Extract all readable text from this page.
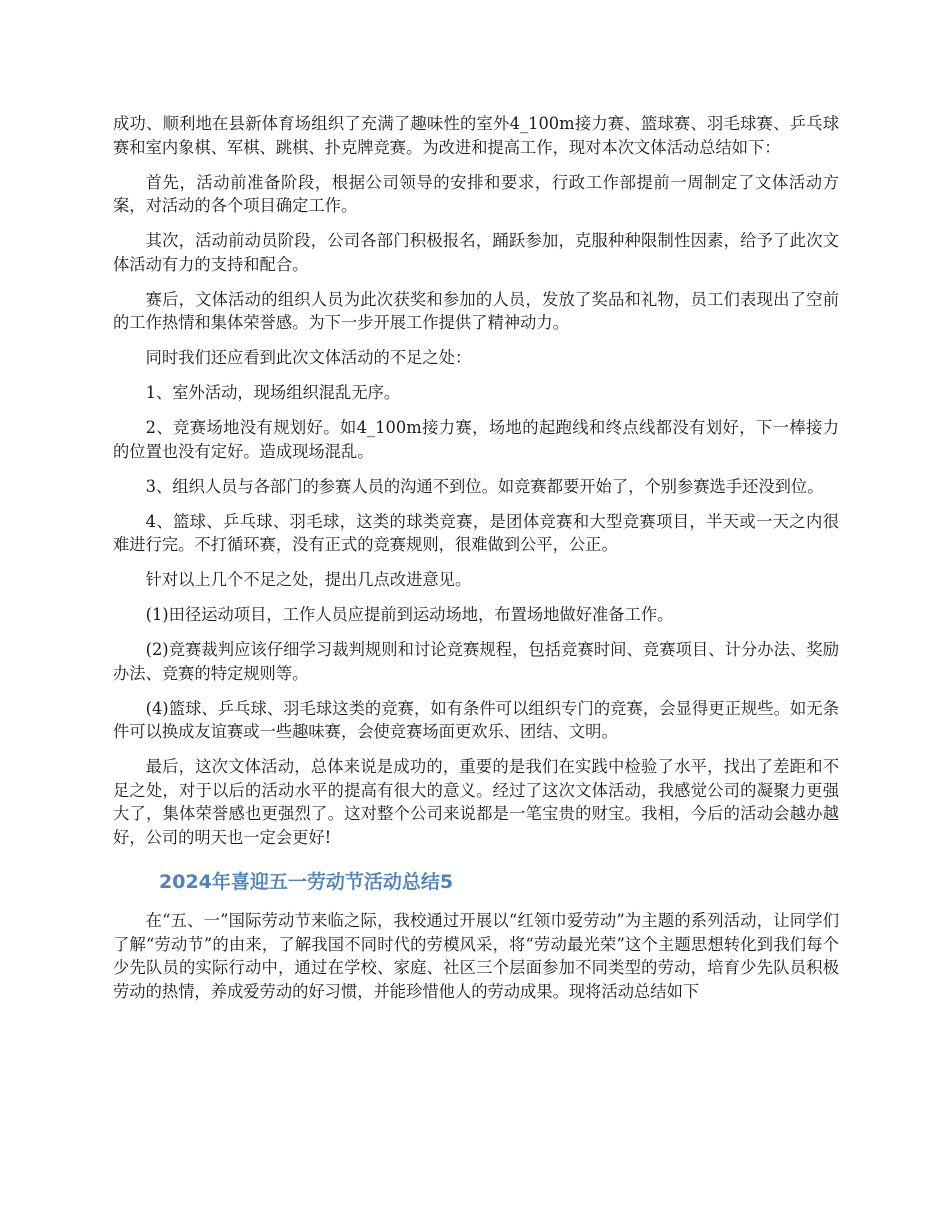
成功、顺利地在县新体育场组织了充满了趣味性的室外4_100m接力赛、篮球赛、羽毛球赛、乒乓球赛和室内象棋、军棋、跳棋、扑克牌竞赛。为改进和提高工作，现对本次文体活动总结如下：

首先，活动前准备阶段，根据公司领导的安排和要求，行政工作部提前一周制定了文体活动方案，对活动的各个项目确定工作。

其次，活动前动员阶段，公司各部门积极报名，踊跃参加，克服种种限制性因素，给予了此次文体活动有力的支持和配合。

赛后，文体活动的组织人员为此次获奖和参加的人员，发放了奖品和礼物，员工们表现出了空前的工作热情和集体荣誉感。为下一步开展工作提供了精神动力。

同时我们还应看到此次文体活动的不足之处：

1、室外活动，现场组织混乱无序。

2、竞赛场地没有规划好。如4_100m接力赛，场地的起跑线和终点线都没有划好，下一棒接力的位置也没有定好。造成现场混乱。

3、组织人员与各部门的参赛人员的沟通不到位。如竞赛都要开始了，个别参赛选手还没到位。

4、篮球、乒乓球、羽毛球，这类的球类竞赛，是团体竞赛和大型竞赛项目，半天或一天之内很难进行完。不打循环赛，没有正式的竞赛规则，很难做到公平，公正。

针对以上几个不足之处，提出几点改进意见。

(1)田径运动项目，工作人员应提前到运动场地，布置场地做好准备工作。

(2)竞赛裁判应该仔细学习裁判规则和讨论竞赛规程，包括竞赛时间、竞赛项目、计分办法、奖励办法、竞赛的特定规则等。

(4)篮球、乒乓球、羽毛球这类的竞赛，如有条件可以组织专门的竞赛，会显得更正规些。如无条件可以换成友谊赛或一些趣味赛，会使竞赛场面更欢乐、团结、文明。

最后，这次文体活动，总体来说是成功的，重要的是我们在实践中检验了水平，找出了差距和不足之处，对于以后的活动水平的提高有很大的意义。经过了这次文体活动，我感觉公司的凝聚力更强大了，集体荣誉感也更强烈了。这对整个公司来说都是一笔宝贵的财宝。我相，今后的活动会越办越好，公司的明天也一定会更好!

2024年喜迎五一劳动节活动总结5

在“五、一”国际劳动节来临之际，我校通过开展以“红领巾爱劳动”为主题的系列活动，让同学们了解“劳动节”的由来，了解我国不同时代的劳模风采，将“劳动最光荣”这个主题思想转化到我们每个少先队员的实际行动中，通过在学校、家庭、社区三个层面参加不同类型的劳动，培育少先队员积极劳动的热情，养成爱劳动的好习惯，并能珍惜他人的劳动成果。现将活动总结如下
